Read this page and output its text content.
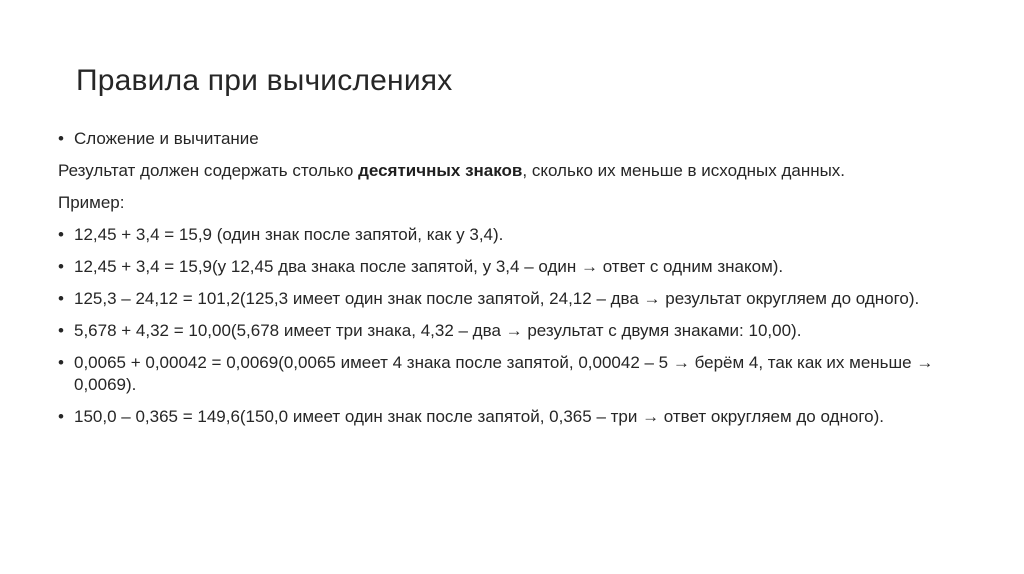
Правила при вычислениях
• Сложение и вычитание
Результат должен содержать столько десятичных знаков, сколько их меньше в исходных данных.
Пример:
• 12,45 + 3,4 = 15,9 (один знак после запятой, как у 3,4).
• 12,45 + 3,4 = 15,9(у 12,45 два знака после запятой, у 3,4 – один → ответ с одним знаком).
• 125,3 – 24,12 = 101,2(125,3 имеет один знак после запятой, 24,12 – два → результат округляем до одного).
• 5,678 + 4,32 = 10,00(5,678 имеет три знака, 4,32 – два → результат с двумя знаками: 10,00).
• 0,0065 + 0,00042 = 0,0069(0,0065 имеет 4 знака после запятой, 0,00042 – 5 → берём 4, так как их меньше → 0,0069).
• 150,0 – 0,365 = 149,6(150,0 имеет один знак после запятой, 0,365 – три → ответ округляем до одного).
